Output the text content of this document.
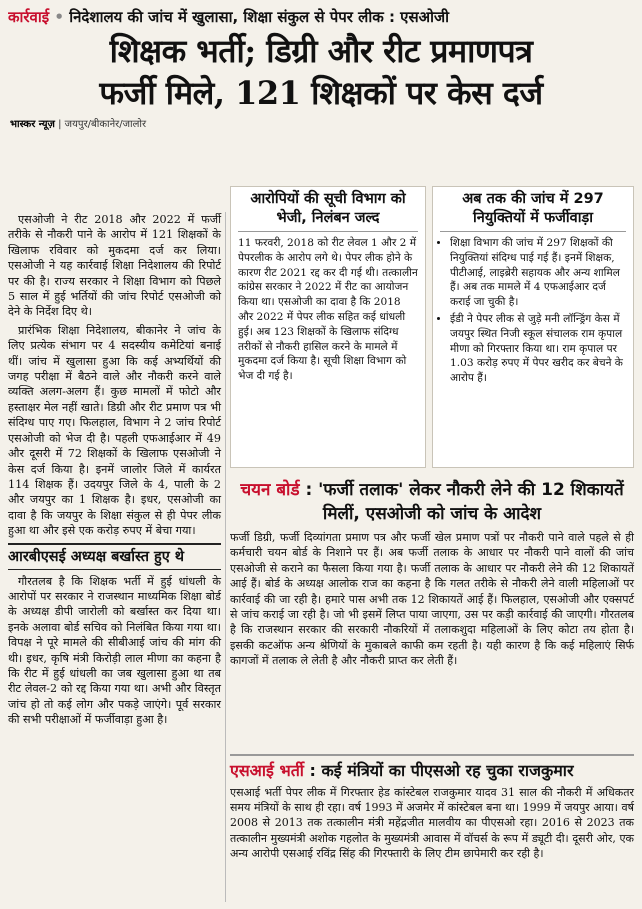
कार्रवाई • निदेशालय की जांच में खुलासा, शिक्षा संकुल से पेपर लीक : एसओजी
शिक्षक भर्ती; डिग्री और रीट प्रमाणपत्र
फर्जी मिले, 121 शिक्षकों पर केस दर्ज
भास्कर न्यूज़ | जयपुर/बीकानेर/जालोर

एसओजी ने रीट 2018 और 2022 में फर्जी तरीके से नौकरी पाने के आरोप में 121 शिक्षकों के खिलाफ रविवार को मुकदमा दर्ज कर लिया। एसओजी ने यह कार्रवाई शिक्षा निदेशालय की रिपोर्ट पर की है। राज्य सरकार ने शिक्षा विभाग को पिछले 5 साल में हुई भर्तियों की जांच रिपोर्ट एसओजी को देने के निर्देश दिए थे।

प्रारंभिक शिक्षा निदेशालय, बीकानेर ने जांच के लिए प्रत्येक संभाग पर 4 सदस्यीय कमेटियां बनाई थीं। जांच में खुलासा हुआ कि कई अभ्यर्थियों की जगह परीक्षा में बैठने वाले और नौकरी करने वाले व्यक्ति अलग-अलग हैं। कुछ मामलों में फोटो और हस्ताक्षर मेल नहीं खाते। डिग्री और रीट प्रमाण पत्र भी संदिग्ध पाए गए। फिलहाल, विभाग ने 2 जांच रिपोर्ट एसओजी को भेज दी है। पहली एफआईआर में 49 और दूसरी में 72 शिक्षकों के खिलाफ एसओजी ने केस दर्ज किया है। इनमें जालोर जिले में कार्यरत 114 शिक्षक हैं। उदयपुर जिले के 4, पाली के 2 और जयपुर का 1 शिक्षक है। इधर, एसओजी का दावा है कि जयपुर के शिक्षा संकुल से ही पेपर लीक हुआ था और इसे एक करोड़ रुपए में बेचा गया।

आरबीएसई अध्यक्ष बर्खास्त हुए थे

गौरतलब है कि शिक्षक भर्ती में हुई धांधली के आरोपों पर सरकार ने राजस्थान माध्यमिक शिक्षा बोर्ड के अध्यक्ष डीपी जारोली को बर्खास्त कर दिया था। इनके अलावा बोर्ड सचिव को निलंबित किया गया था। विपक्ष ने पूरे मामले की सीबीआई जांच की मांग की थी। इधर, कृषि मंत्री किरोड़ी लाल मीणा का कहना है कि रीट में हुई धांधली का जब खुलासा हुआ था तब रीट लेवल-2 को रद्द किया गया था। अभी और विस्तृत जांच हो तो कई लोग और पकड़े जाएंगे। पूर्व सरकार की सभी परीक्षाओं में फर्जीवाड़ा हुआ है।

आरोपियों की सूची विभाग को भेजी, निलंबन जल्द
11 फरवरी, 2018 को रीट लेवल 1 और 2 में पेपरलीक के आरोप लगे थे। पेपर लीक होने के कारण रीट 2021 रद्द कर दी गई थी। तत्कालीन कांग्रेस सरकार ने 2022 में रीट का आयोजन किया था। एसओजी का दावा है कि 2018 और 2022 में पेपर लीक सहित कई धांधली हुई। अब 123 शिक्षकों के खिलाफ संदिग्ध तरीकों से नौकरी हासिल करने के मामले में मुकदमा दर्ज किया है। सूची शिक्षा विभाग को भेज दी गई है।
अब तक की जांच में 297 नियुक्तियों में फर्जीवाड़ा
• शिक्षा विभाग की जांच में 297 शिक्षकों की नियुक्तियां संदिग्ध पाई गई हैं। इनमें शिक्षक, पीटीआई, लाइब्रेरी सहायक और अन्य शामिल हैं। अब तक मामले में 4 एफआईआर दर्ज कराई जा चुकी है।
• ईडी ने पेपर लीक से जुड़े मनी लॉन्ड्रिंग केस में जयपुर स्थित निजी स्कूल संचालक राम कृपाल मीणा को गिरफ्तार किया था। राम कृपाल पर 1.03 करोड़ रुपए में पेपर खरीद कर बेचने के आरोप हैं।
चयन बोर्ड : 'फर्जी तलाक' लेकर नौकरी लेने की 12 शिकायतें मिलीं, एसओजी को जांच के आदेश
फर्जी डिग्री, फर्जी दिव्यांगता प्रमाण पत्र और फर्जी खेल प्रमाण पत्रों पर नौकरी पाने वाले पहले से ही कर्मचारी चयन बोर्ड के निशाने पर हैं। अब फर्जी तलाक के आधार पर नौकरी पाने वालों की जांच एसओजी से कराने का फैसला किया गया है। फर्जी तलाक के आधार पर नौकरी लेने की 12 शिकायतें आई हैं। बोर्ड के अध्यक्ष आलोक राज का कहना है कि गलत तरीके से नौकरी लेने वाली महिलाओं पर कार्रवाई की जा रही है। हमारे पास अभी तक 12 शिकायतें आई हैं। फिलहाल, एसओजी और एक्सपर्ट से जांच कराई जा रही है। जो भी इसमें लिप्त पाया जाएगा, उस पर कड़ी कार्रवाई की जाएगी। गौरतलब है कि राजस्थान सरकार की सरकारी नौकरियों में तलाकशुदा महिलाओं के लिए कोटा तय होता है। इसकी कटऑफ अन्य श्रेणियों के मुकाबले काफी कम रहती है। यही कारण है कि कई महिलाएं सिर्फ कागजों में तलाक ले लेती है और नौकरी प्राप्त कर लेती हैं।
एसआई भर्ती : कई मंत्रियों का पीएसओ रह चुका राजकुमार
एसआई भर्ती पेपर लीक में गिरफ्तार हेड कांस्टेबल राजकुमार यादव 31 साल की नौकरी में अधिकतर समय मंत्रियों के साथ ही रहा। वर्ष 1993 में अजमेर में कांस्टेबल बना था। 1999 में जयपुर आया। वर्ष 2008 से 2013 तक तत्कालीन मंत्री महेंद्रजीत मालवीय का पीएसओ रहा। 2016 से 2023 तक तत्कालीन मुख्यमंत्री अशोक गहलोत के मुख्यमंत्री आवास में वॉचर्स के रूप में ड्यूटी दी। दूसरी ओर, एक अन्य आरोपी एसआई रविंद्र सिंह की गिरफ्तारी के लिए टीम छापेमारी कर रही है।
